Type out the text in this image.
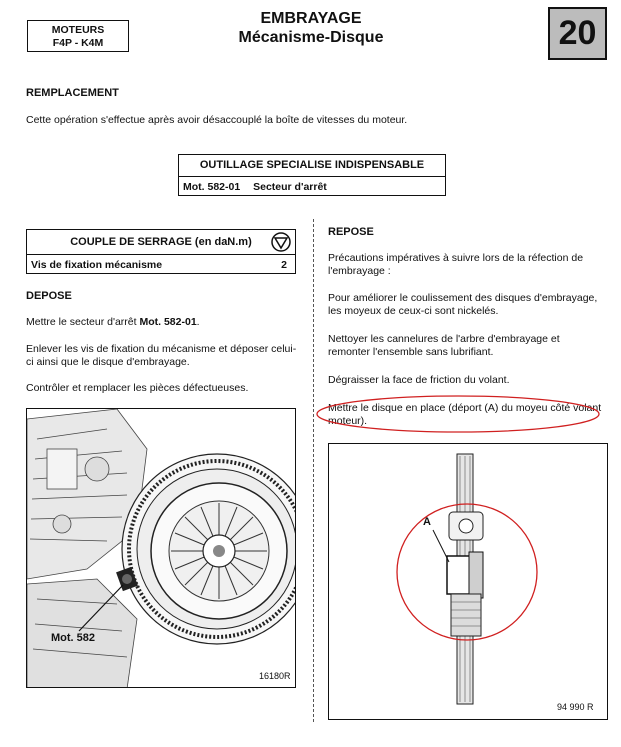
MOTEURS
F4P - K4M
EMBRAYAGE
Mécanisme-Disque	20
REMPLACEMENT
Cette opération s'effectue après avoir désaccouplé la boîte de vitesses du moteur.
OUTILLAGE SPECIALISE INDISPENSABLE
Mot. 582-01 Secteur d'arrêt
COUPLE DE SERRAGE (en daN.m)
Vis de fixation mécanisme	2
DEPOSE
Mettre le secteur d'arrêt Mot. 582-01.
Enlever les vis de fixation du mécanisme et déposer celui-ci ainsi que le disque d'embrayage.
Contrôler et remplacer les pièces défectueuses.
REPOSE
Précautions impératives à suivre lors de la réfection de l'embrayage :
Pour améliorer le coulissement des disques d'embrayage, les moyeux de ceux-ci sont nickelés.
Nettoyer les cannelures de l'arbre d'embrayage et remonter l'ensemble sans lubrifiant.
Dégraisser la face de friction du volant.
Mettre le disque en place (déport (A) du moyeu côté volant moteur).
Mot. 582
16180R
A
94 990 R
